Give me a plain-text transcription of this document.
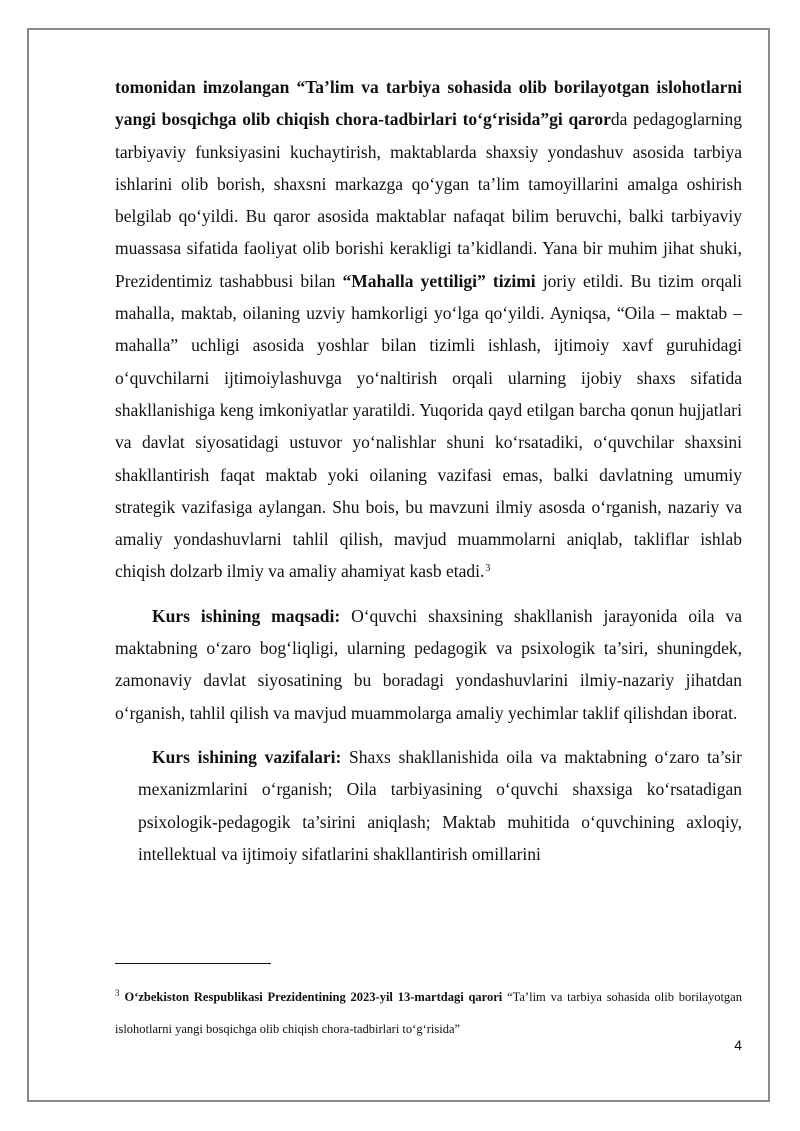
tomonidan imzolangan “Ta’lim va tarbiya sohasida olib borilayotgan islohotlarni yangi bosqichga olib chiqish chora-tadbirlari to‘g‘risida”gi qarorda pedagoglarning tarbiyaviy funksiyasini kuchaytirish, maktablarda shaxsiy yondashuv asosida tarbiya ishlarini olib borish, shaxsni markazga qo‘ygan ta’lim tamoyillarini amalga oshirish belgilab qo‘yildi. Bu qaror asosida maktablar nafaqat bilim beruvchi, balki tarbiyaviy muassasa sifatida faoliyat olib borishi kerakligi ta’kidlandi. Yana bir muhim jihat shuki, Prezidentimiz tashabbusi bilan “Mahalla yettiligi” tizimi joriy etildi. Bu tizim orqali mahalla, maktab, oilaning uzviy hamkorligi yo‘lga qo‘yildi. Ayniqsa, “Oila – maktab – mahalla” uchligi asosida yoshlar bilan tizimli ishlash, ijtimoiy xavf guruhidagi o‘quvchilarni ijtimoiylashuvga yo‘naltirish orqali ularning ijobiy shaxs sifatida shakllanishiga keng imkoniyatlar yaratildi. Yuqorida qayd etilgan barcha qonun hujjatlari va davlat siyosatidagi ustuvor yo‘nalishlar shuni ko‘rsatadiki, o‘quvchilar shaxsini shakllantirish faqat maktab yoki oilaning vazifasi emas, balki davlatning umumiy strategik vazifasiga aylangan. Shu bois, bu mavzuni ilmiy asosda o‘rganish, nazariy va amaliy yondashuvlarni tahlil qilish, mavjud muammolarni aniqlab, takliflar ishlab chiqish dolzarb ilmiy va amaliy ahamiyat kasb etadi.$^3$

Kurs ishining maqsadi: O‘quvchi shaxsining shakllanish jarayonida oila va maktabning o‘zaro bog‘liqligi, ularning pedagogik va psixologik ta’siri, shuningdek, zamonaviy davlat siyosatining bu boradagi yondashuvlarini ilmiy-nazariy jihatdan o‘rganish, tahlil qilish va mavjud muammolarga amaliy yechimlar taklif qilishdan iborat.

Kurs ishining vazifalari: Shaxs shakllanishida oila va maktabning o‘zaro ta’sir mexanizmlarini o‘rganish; Oila tarbiyasining o‘quvchi shaxsiga ko‘rsatadigan psixologik-pedagogik ta’sirini aniqlash; Maktab muhitida o‘quvchining axloqiy, intellektual va ijtimoiy sifatlarini shakllantirish omillarini

$^3$ O‘zbekiston Respublikasi Prezidentining 2023-yil 13-martdagi qarori “Ta’lim va tarbiya sohasida olib borilayotgan islohotlarni yangi bosqichga olib chiqish chora-tadbirlari to‘g‘risida”

4
